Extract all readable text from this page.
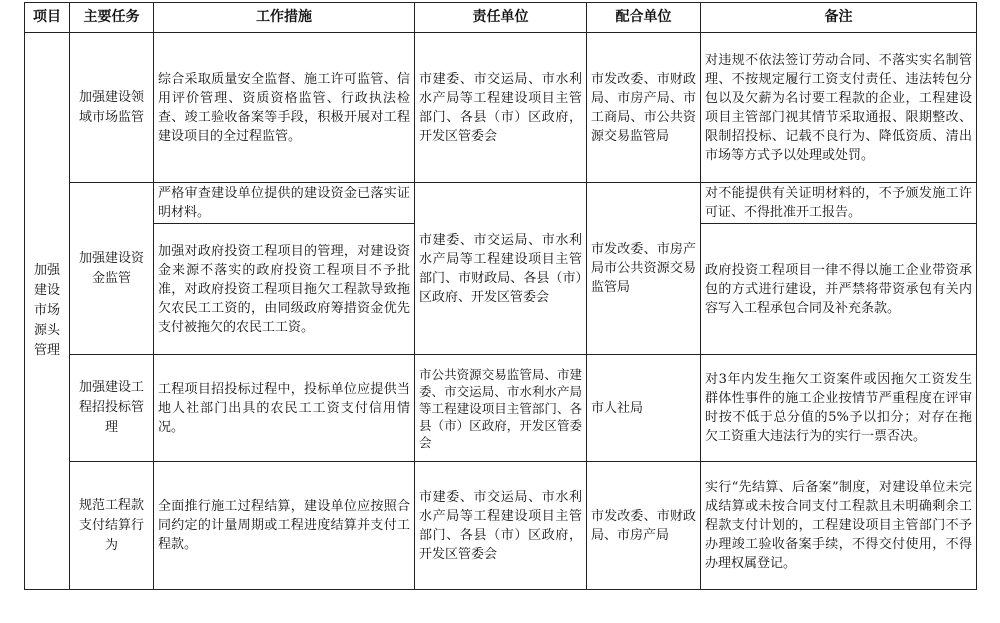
项目	主要任务	工作措施	责任单位	配合单位	备注
加强建设市场源头管理	加强建设领域市场监管	综合采取质量安全监督、施工许可监管、信用评价管理、资质资格监管、行政执法检查、竣工验收备案等手段，积极开展对工程建设项目的全过程监管。	市建委、市交运局、市水利水产局等工程建设项目主管部门、各县（市）区政府，开发区管委会	市发改委、市财政局、市房产局、市工商局、市公共资源交易监管局	对违规不依法签订劳动合同、不落实实名制管理、不按规定履行工资支付责任、违法转包分包以及欠薪为名讨要工程款的企业，工程建设项目主管部门视其情节采取通报、限期整改、限制招投标、记载不良行为、降低资质、清出市场等方式予以处理或处罚。
	加强建设资金监管	严格审查建设单位提供的建设资金已落实证明材料。	市建委、市交运局、市水利水产局等工程建设项目主管部门、市财政局、各县（市）区政府、开发区管委会	市发改委、市房产局市公共资源交易监管局	对不能提供有关证明材料的，不予颁发施工许可证、不得批准开工报告。
		加强对政府投资工程项目的管理，对建设资金来源不落实的政府投资工程项目不予批准，对政府投资工程项目拖欠工程款导致拖欠农民工工资的，由同级政府筹措资金优先支付被拖欠的农民工工资。			政府投资工程项目一律不得以施工企业带资承包的方式进行建设，并严禁将带资承包有关内容写入工程承包合同及补充条款。
	加强建设工程招投标管理	工程项目招投标过程中，投标单位应提供当地人社部门出具的农民工工资支付信用情况。	市公共资源交易监管局、市建委、市交运局、市水利水产局等工程建设项目主管部门、各县（市）区政府，开发区管委会	市人社局	对3年内发生拖欠工资案件或因拖欠工资发生群体性事件的施工企业按情节严重程度在评审时按不低于总分值的5%予以扣分；对存在拖欠工资重大违法行为的实行一票否决。
	规范工程款支付结算行为	全面推行施工过程结算，建设单位应按照合同约定的计量周期或工程进度结算并支付工程款。	市建委、市交运局、市水利水产局等工程建设项目主管部门、各县（市）区政府，开发区管委会	市发改委、市财政局、市房产局	实行“先结算、后备案”制度，对建设单位未完成结算或未按合同支付工程款且未明确剩余工程款支付计划的，工程建设项目主管部门不予办理竣工验收备案手续，不得交付使用，不得办理权属登记。
